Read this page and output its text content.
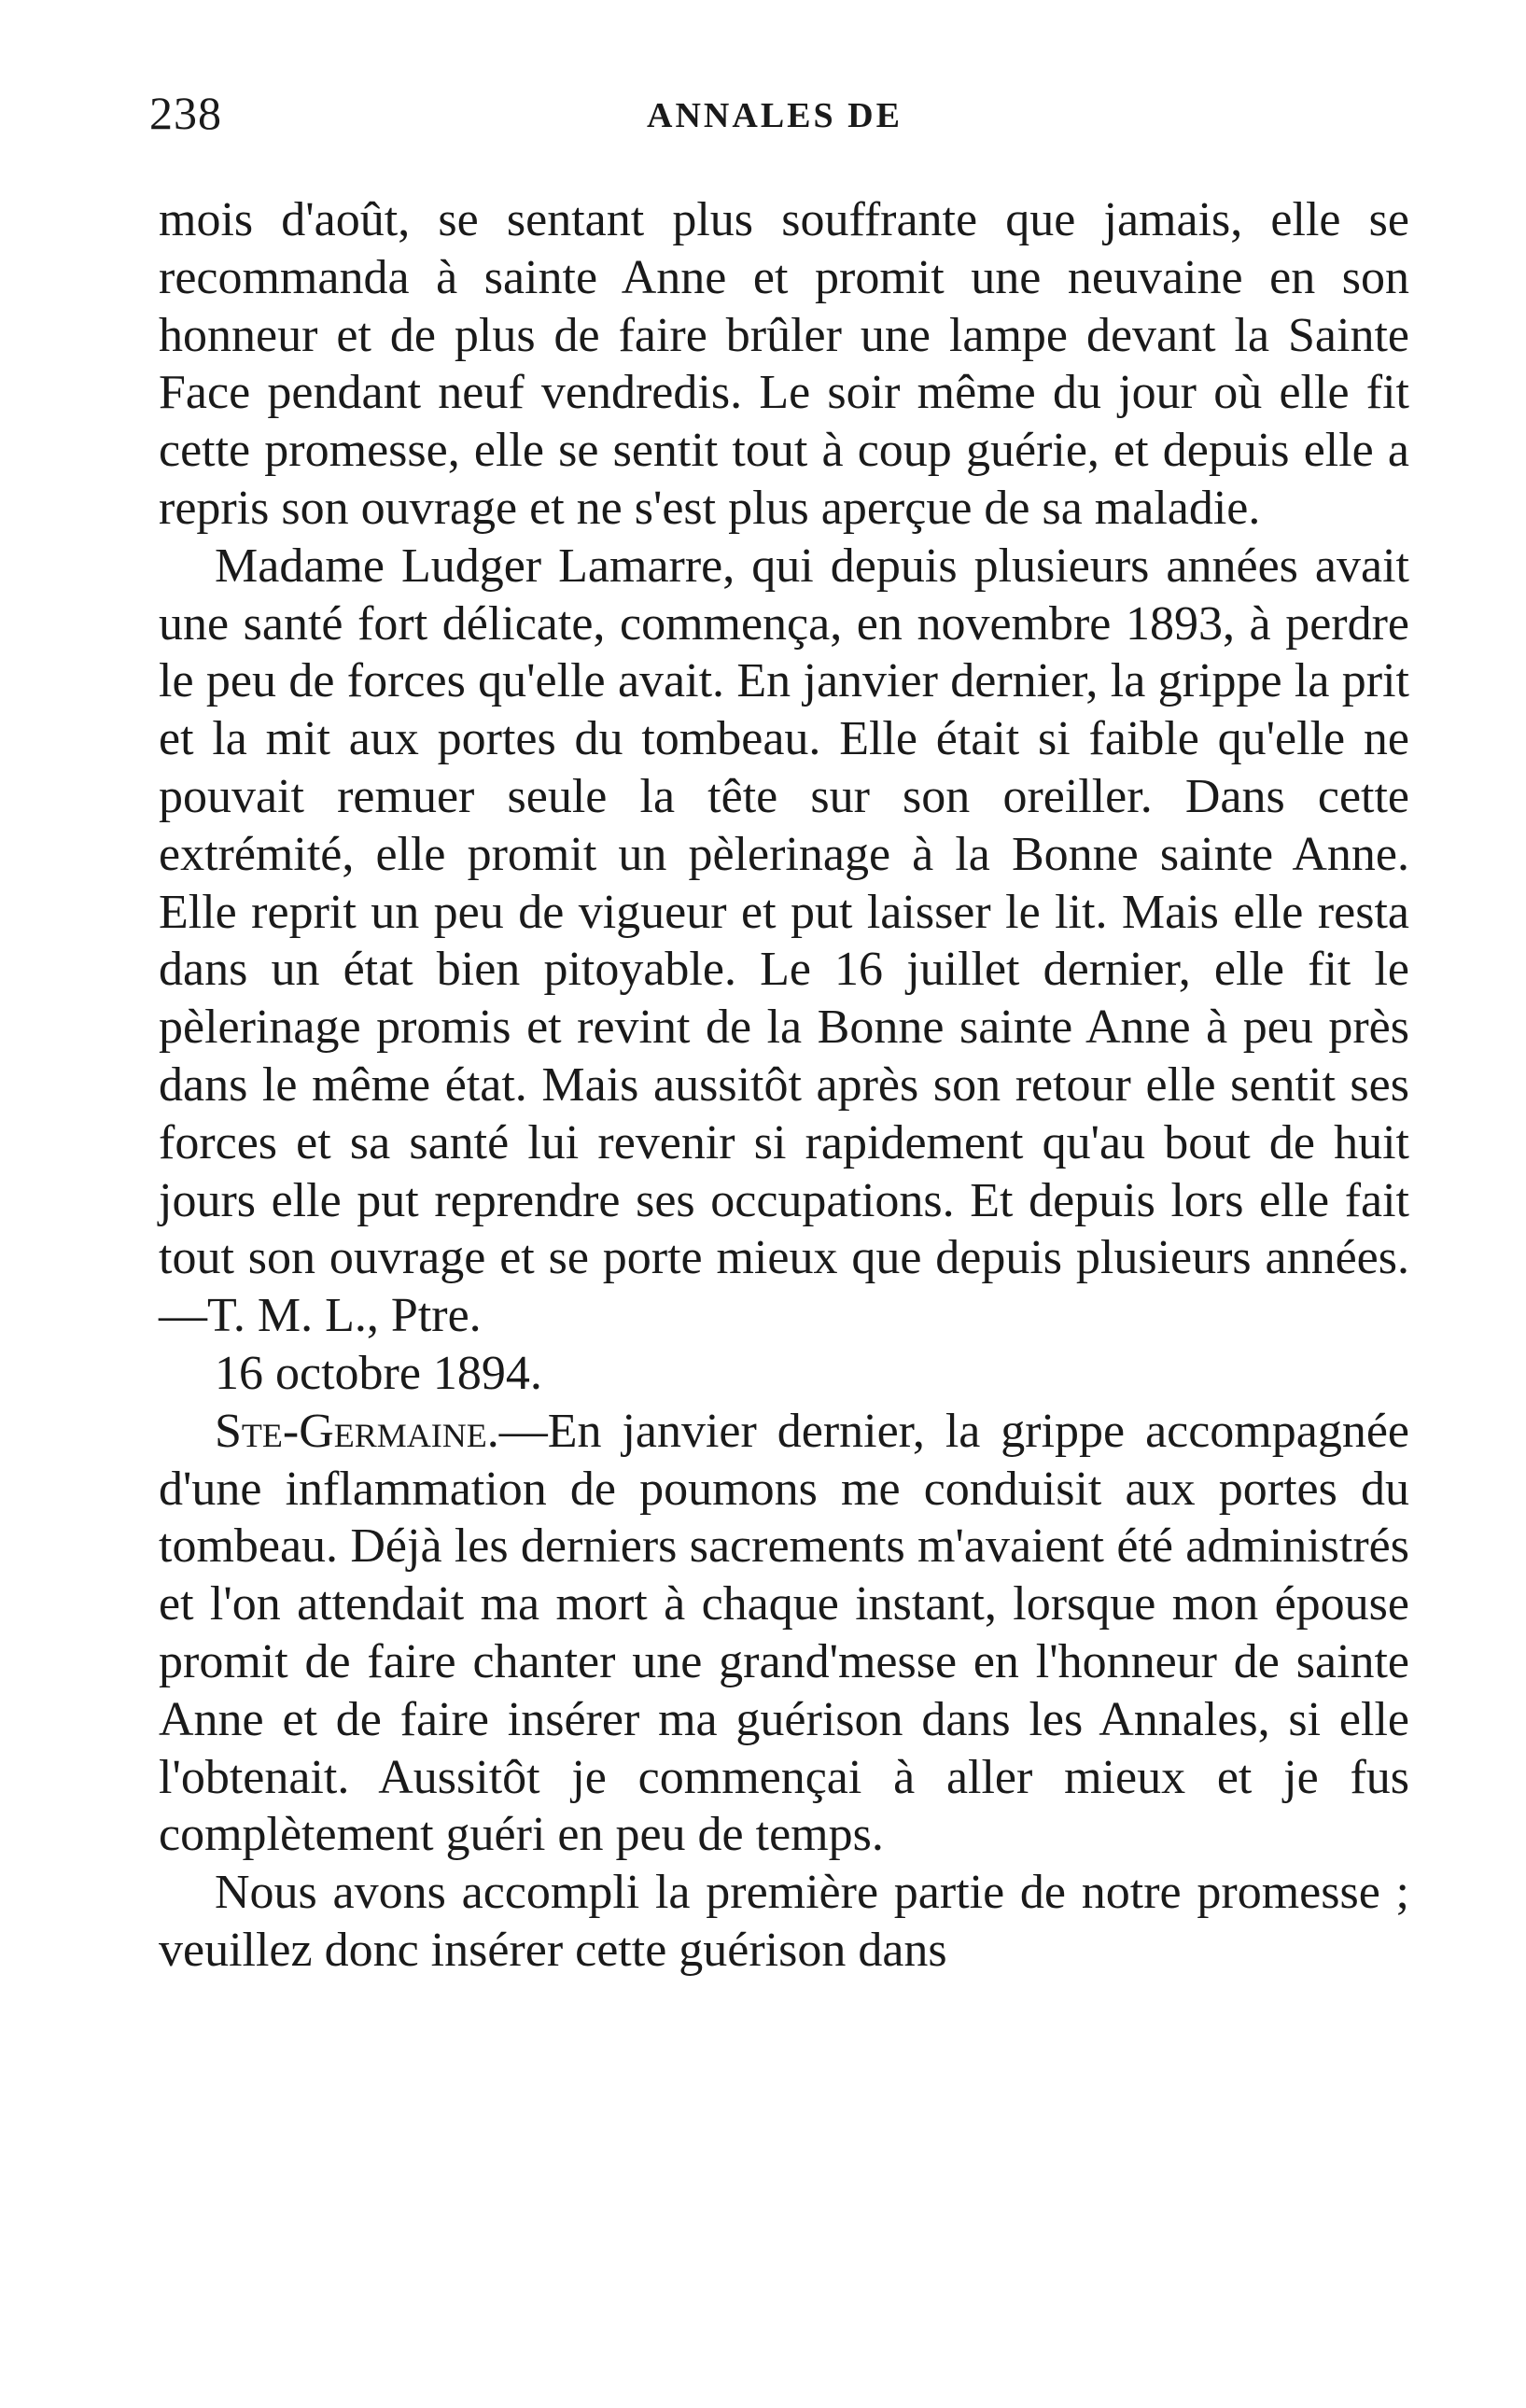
238	ANNALES DE

mois d'août, se sentant plus souffrante que jamais, elle se recommanda à sainte Anne et promit une neuvaine en son honneur et de plus de faire brûler une lampe devant la Sainte Face pendant neuf vendredis. Le soir même du jour où elle fit cette promesse, elle se sentit tout à coup guérie, et depuis elle a repris son ouvrage et ne s'est plus aperçue de sa maladie.

Madame Ludger Lamarre, qui depuis plusieurs années avait une santé fort délicate, commença, en novembre 1893, à perdre le peu de forces qu'elle avait. En janvier dernier, la grippe la prit et la mit aux portes du tombeau. Elle était si faible qu'elle ne pouvait remuer seule la tête sur son oreiller. Dans cette extrémité, elle promit un pèlerinage à la Bonne sainte Anne. Elle reprit un peu de vigueur et put laisser le lit. Mais elle resta dans un état bien pitoyable. Le 16 juillet dernier, elle fit le pèlerinage promis et revint de la Bonne sainte Anne à peu près dans le même état. Mais aussitôt après son retour elle sentit ses forces et sa santé lui revenir si rapidement qu'au bout de huit jours elle put reprendre ses occupations. Et depuis lors elle fait tout son ouvrage et se porte mieux que depuis plusieurs années.—T. M. L., Ptre.

16 octobre 1894.

Ste-Germaine.—En janvier dernier, la grippe accompagnée d'une inflammation de poumons me conduisit aux portes du tombeau. Déjà les derniers sacrements m'avaient été administrés et l'on attendait ma mort à chaque instant, lorsque mon épouse promit de faire chanter une grand'messe en l'honneur de sainte Anne et de faire insérer ma guérison dans les Annales, si elle l'obtenait. Aussitôt je commençai à aller mieux et je fus complètement guéri en peu de temps.

Nous avons accompli la première partie de notre promesse ; veuillez donc insérer cette guérison dans
